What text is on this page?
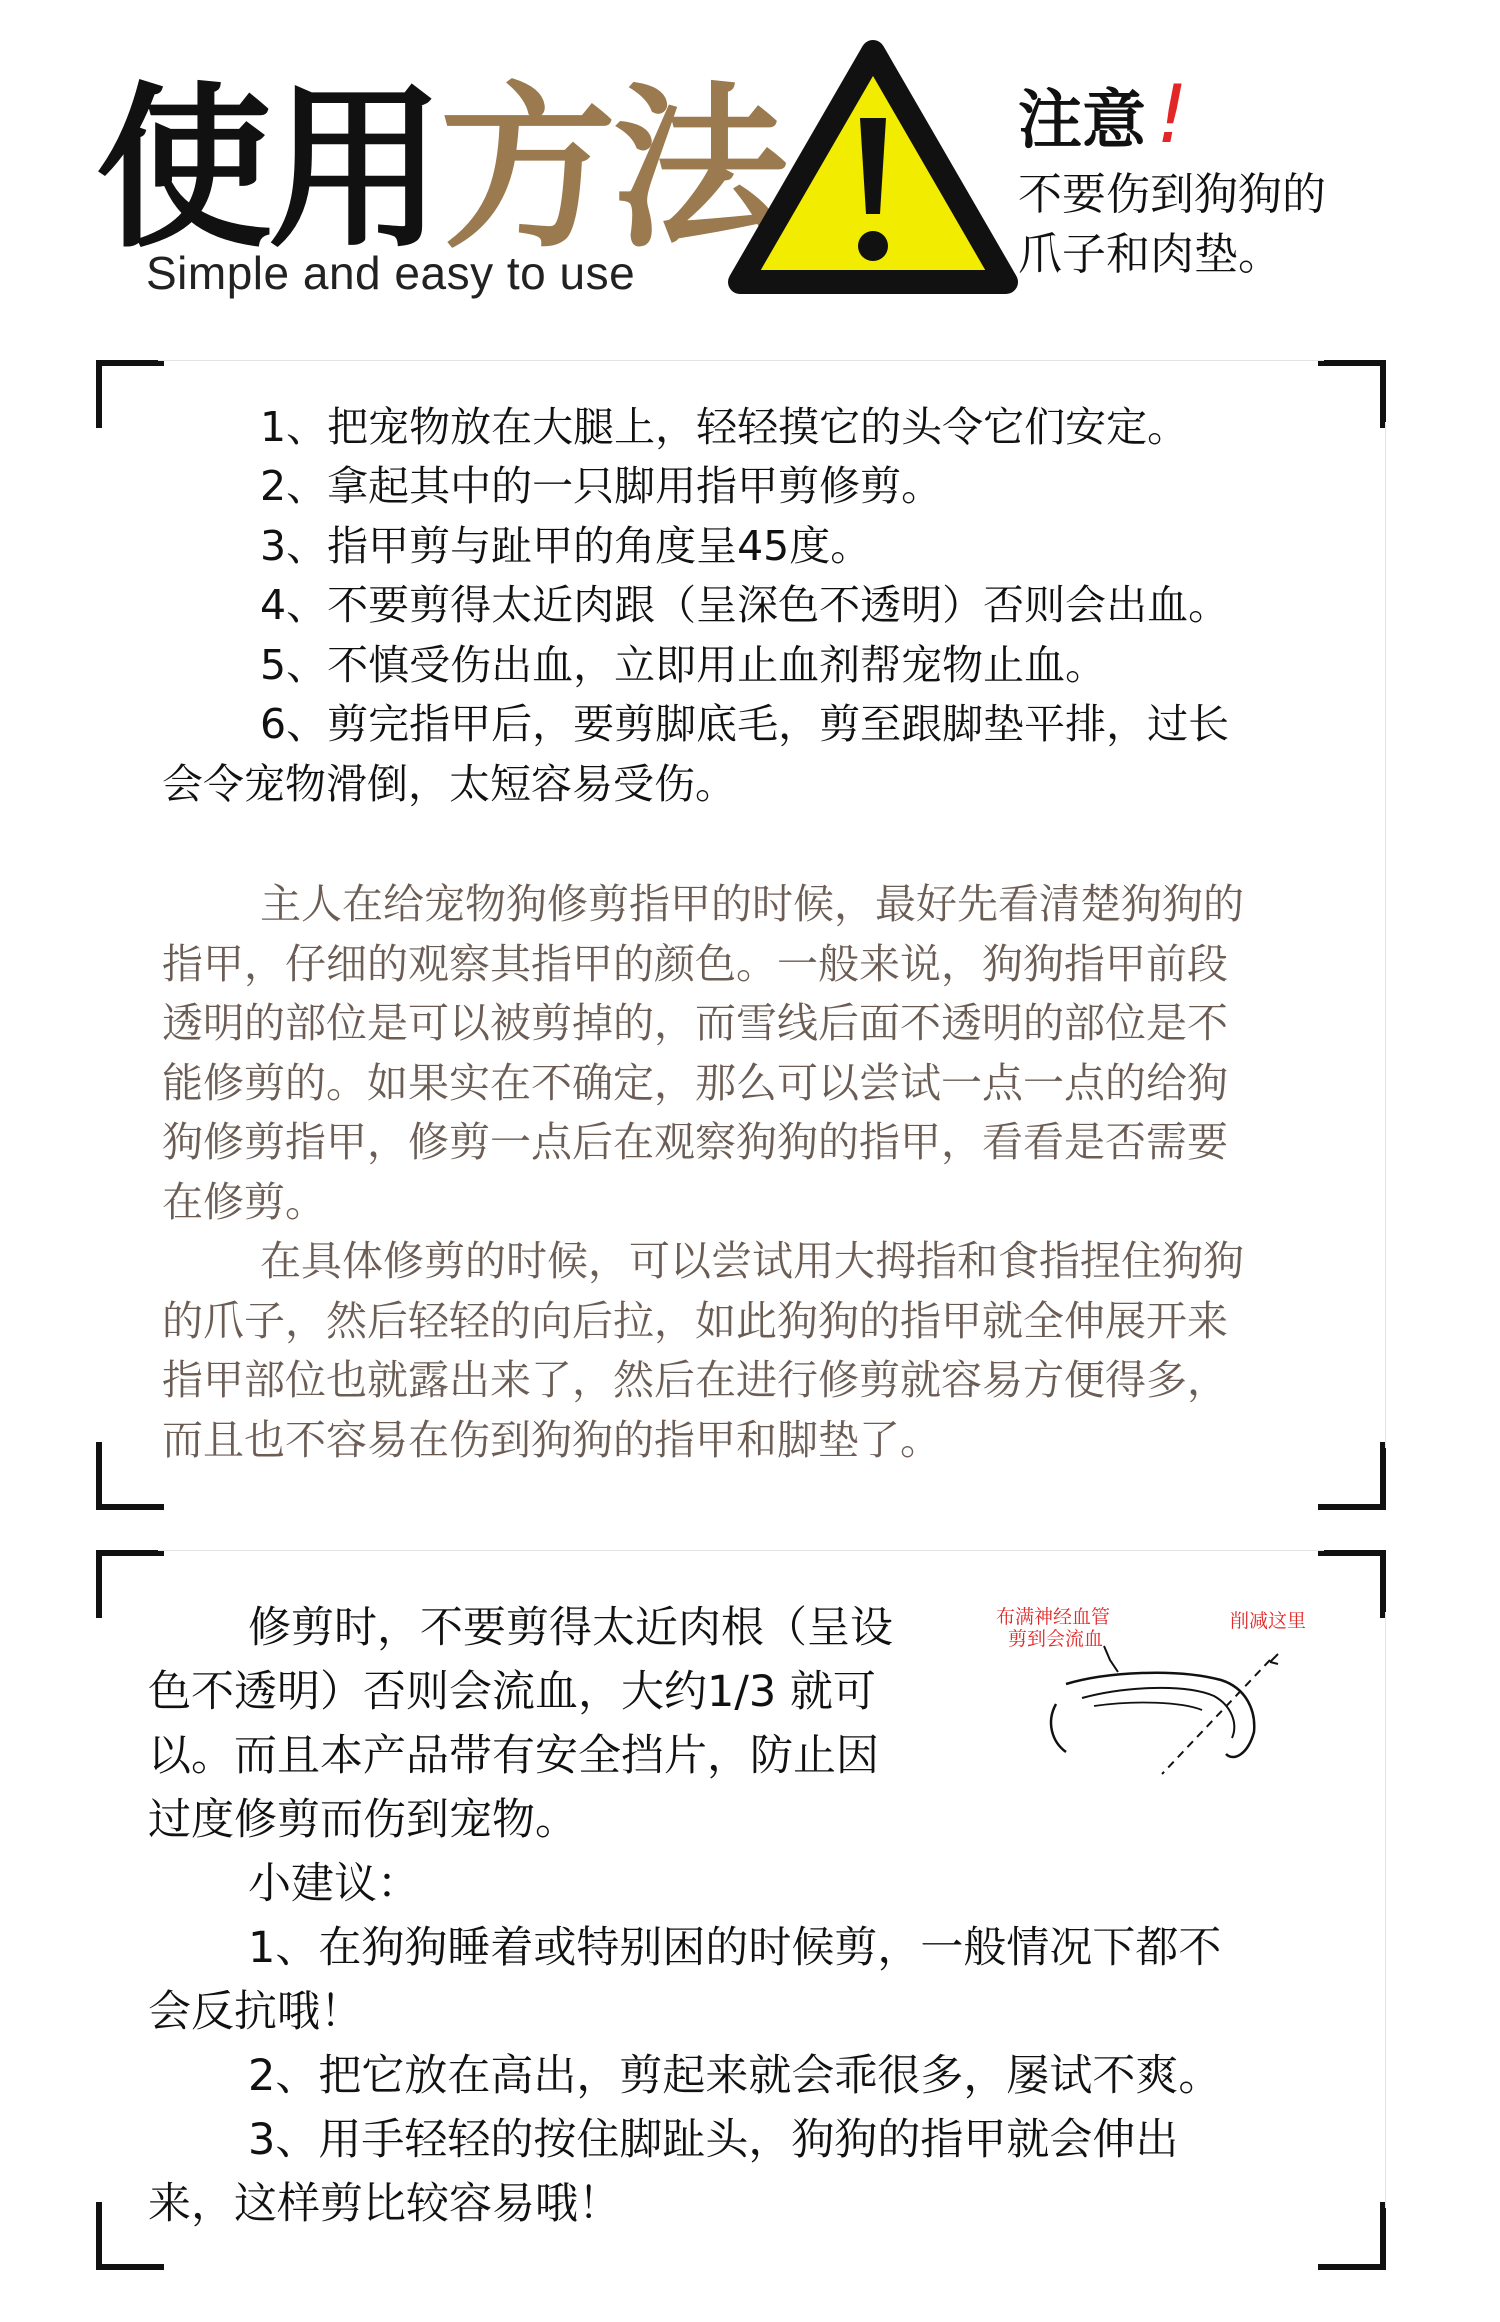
使用方法
Simple and easy to use
注意 !
不要伤到狗狗的
爪子和肉垫。

1、把宠物放在大腿上，轻轻摸它的头令它们安定。

2、拿起其中的一只脚用指甲剪修剪。

3、指甲剪与趾甲的角度呈45度。

4、不要剪得太近肉跟（呈深色不透明）否则会出血。

5、不慎受伤出血，立即用止血剂帮宠物止血。

6、剪完指甲后，要剪脚底毛，剪至跟脚垫平排，过长

会令宠物滑倒，太短容易受伤。

主人在给宠物狗修剪指甲的时候，最好先看清楚狗狗的

指甲，仔细的观察其指甲的颜色。一般来说，狗狗指甲前段

透明的部位是可以被剪掉的，而雪线后面不透明的部位是不

能修剪的。如果实在不确定，那么可以尝试一点一点的给狗

狗修剪指甲，修剪一点后在观察狗狗的指甲，看看是否需要

在修剪。

在具体修剪的时候，可以尝试用大拇指和食指捏住狗狗

的爪子，然后轻轻的向后拉，如此狗狗的指甲就全伸展开来

指甲部位也就露出来了，然后在进行修剪就容易方便得多，

而且也不容易在伤到狗狗的指甲和脚垫了。

修剪时，不要剪得太近肉根（呈设

色不透明）否则会流血，大约1/3 就可

以。而且本产品带有安全挡片，防止因

过度修剪而伤到宠物。

小建议：

1、在狗狗睡着或特别困的时候剪，一般情况下都不

会反抗哦！

2、把它放在高出，剪起来就会乖很多，屡试不爽。

3、用手轻轻的按住脚趾头，狗狗的指甲就会伸出

来，这样剪比较容易哦！

布满神经血管
剪到会流血
削减这里
